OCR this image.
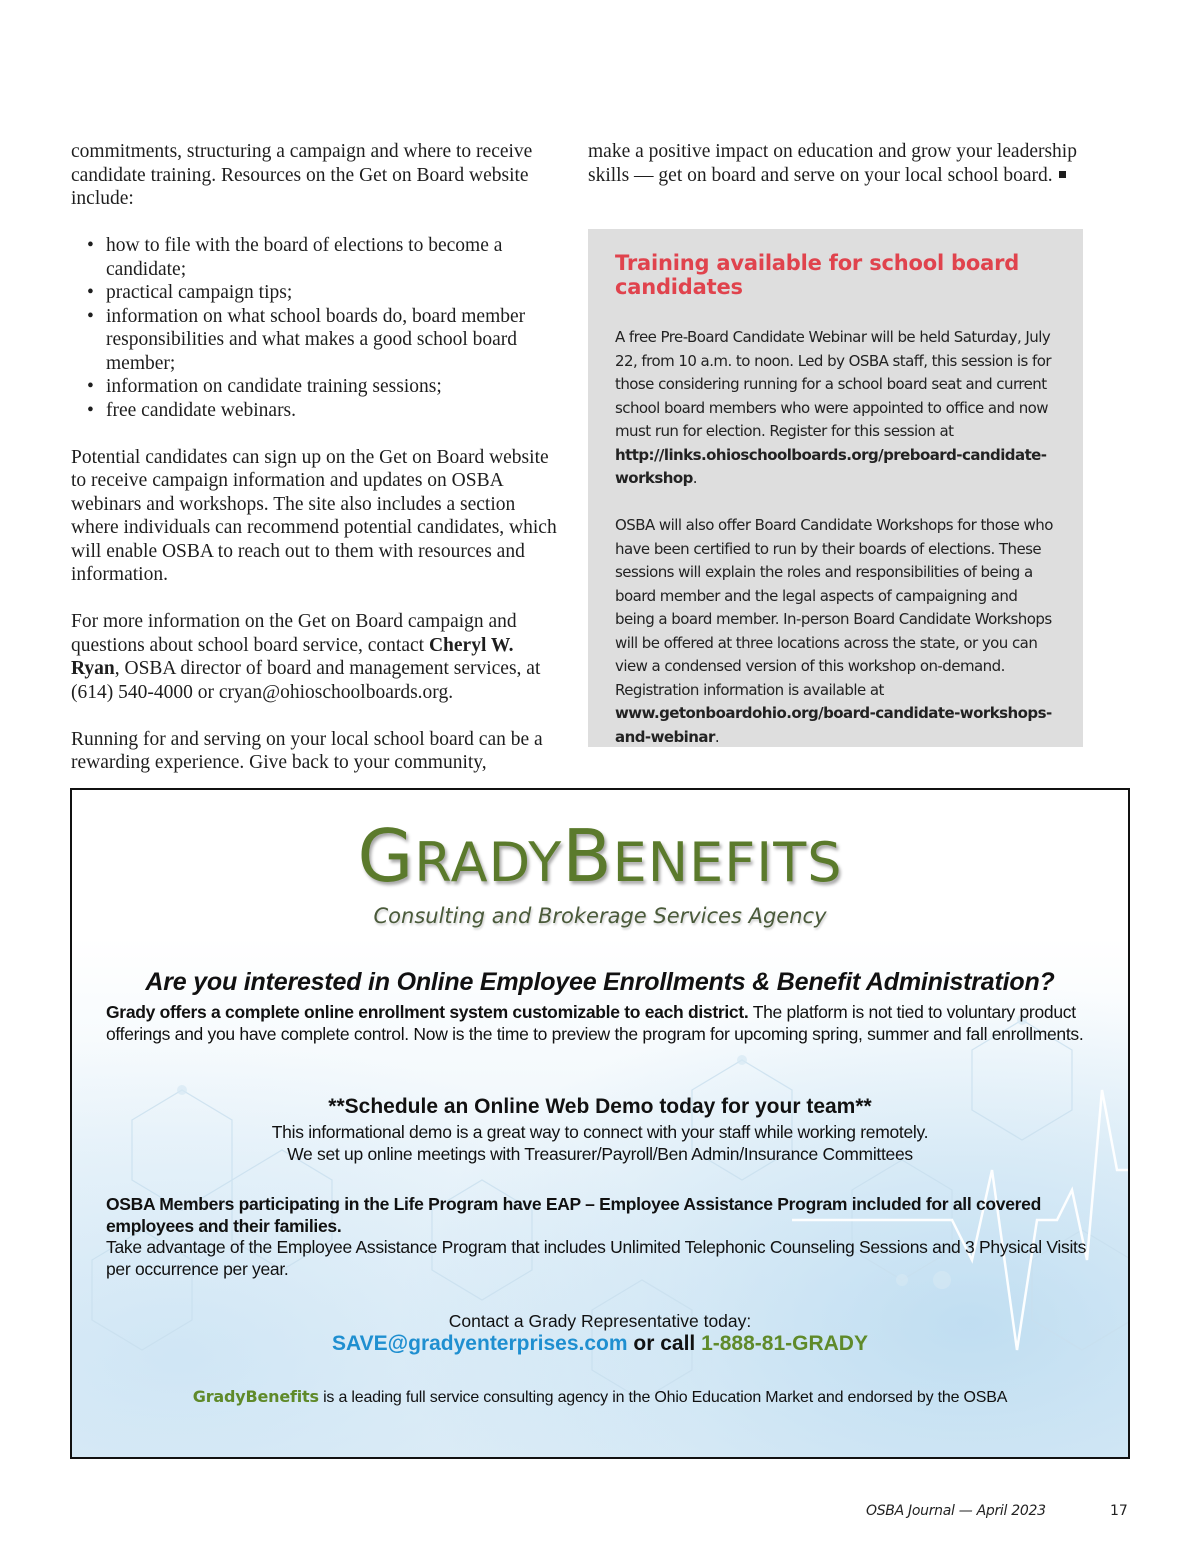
commitments, structuring a campaign and where to receive candidate training. Resources on the Get on Board website include:

• how to file with the board of elections to become a candidate;
• practical campaign tips;
• information on what school boards do, board member responsibilities and what makes a good school board member;
• information on candidate training sessions;
• free candidate webinars.

Potential candidates can sign up on the Get on Board website to receive campaign information and updates on OSBA webinars and workshops. The site also includes a section where individuals can recommend potential candidates, which will enable OSBA to reach out to them with resources and information.

For more information on the Get on Board campaign and questions about school board service, contact Cheryl W. Ryan, OSBA director of board and management services, at (614) 540-4000 or cryan@ohioschoolboards.org.

Running for and serving on your local school board can be a rewarding experience. Give back to your community,

make a positive impact on education and grow your leadership skills — get on board and serve on your local school board.

Training available for school board candidates

A free Pre-Board Candidate Webinar will be held Saturday, July 22, from 10 a.m. to noon. Led by OSBA staff, this session is for those considering running for a school board seat and current school board members who were appointed to office and now must run for election. Register for this session at http://links.ohioschoolboards.org/preboard-candidate-workshop.

OSBA will also offer Board Candidate Workshops for those who have been certified to run by their boards of elections. These sessions will explain the roles and responsibilities of being a board member and the legal aspects of campaigning and being a board member. In-person Board Candidate Workshops will be offered at three locations across the state, or you can view a condensed version of this workshop on-demand. Registration information is available at www.getonboardohio.org/board-candidate-workshops-and-webinar.

GRADYBENEFITS
Consulting and Brokerage Services Agency
Are you interested in Online Employee Enrollments & Benefit Administration?
Grady offers a complete online enrollment system customizable to each district. The platform is not tied to voluntary product offerings and you have complete control. Now is the time to preview the program for upcoming spring, summer and fall enrollments.
**Schedule an Online Web Demo today for your team**
This informational demo is a great way to connect with your staff while working remotely.
We set up online meetings with Treasurer/Payroll/Ben Admin/Insurance Committees
OSBA Members participating in the Life Program have EAP – Employee Assistance Program included for all covered employees and their families.
Take advantage of the Employee Assistance Program that includes Unlimited Telephonic Counseling Sessions and 3 Physical Visits per occurrence per year.
Contact a Grady Representative today:
SAVE@gradyenterprises.com or call 1-888-81-GRADY
GradyBenefits is a leading full service consulting agency in the Ohio Education Market and endorsed by the OSBA
OSBA Journal — April 2023	17
